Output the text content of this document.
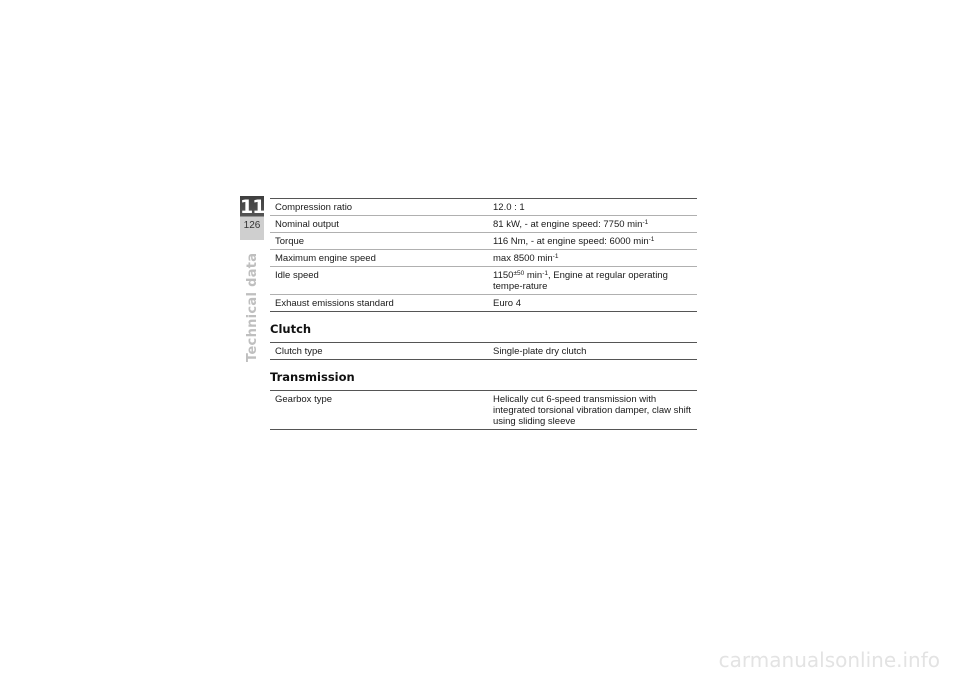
11
126
Technical data
Compression ratio	12.0 : 1
Nominal output	81 kW, - at engine speed: 7750 $\min^{-1}$
Torque	116 Nm, - at engine speed: 6000 $\min^{-1}$
Maximum engine speed	max 8500 $\min^{-1}$
Idle speed	$1150^{\pm 50}$ $\min^{-1}$, Engine at regular operating tempe-rature
Exhaust emissions standard	Euro 4
Clutch
Clutch type	Single-plate dry clutch
Transmission
Gearbox type	Helically cut 6-speed transmission with integrated torsional vibration damper, claw shift using sliding sleeve
carmanualsonline.info
